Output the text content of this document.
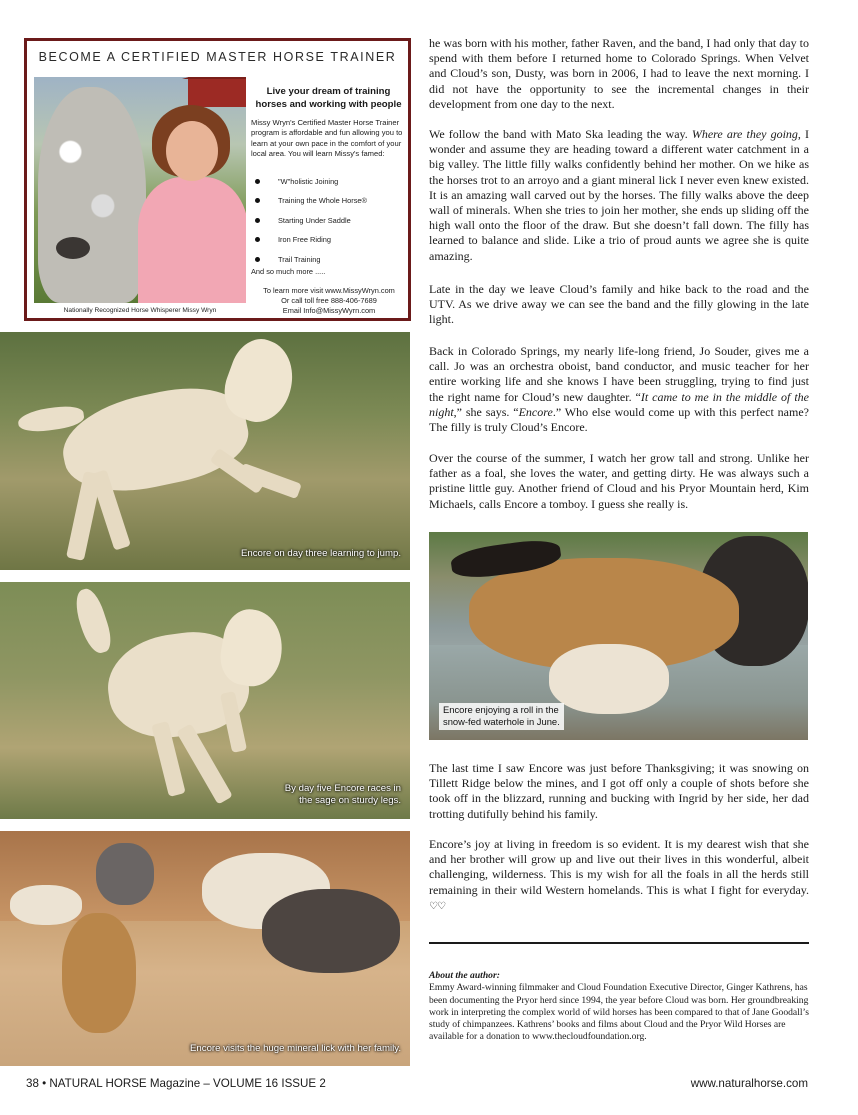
BECOME A CERTIFIED MASTER HORSE TRAINER
Nationally Recognized Horse Whisperer Missy Wryn
Live your dream of training horses and working with people
Missy Wryn's Certified Master Horse Trainer program is affordable and fun allowing you to learn at your own pace in the comfort of your local area. You will learn Missy's famed:
"W"holistic Joining
Training the Whole Horse®
Starting Under Saddle
Iron Free Riding
Trail Training
And so much more .....
To learn more visit www.MissyWryn.com
Or call toll free 888-406-7689
Email Info@MissyWyrn.com
Encore on day three learning to jump.
By day five Encore races in
the sage on sturdy legs.
Encore visits the huge mineral lick with her family.
Encore enjoying a roll in the
snow-fed waterhole in June.

he was born with his mother, father Raven, and the band, I had only that day to spend with them before I returned home to Colorado Springs. When Velvet and Cloud’s son, Dusty, was born in 2006, I had to leave the next morning. I did not have the opportunity to see the incremental changes in their development from one day to the next.

We follow the band with Mato Ska leading the way. Where are they going, I wonder and assume they are heading toward a different water catchment in a big valley. The little filly walks confidently behind her mother. On we hike as the horses trot to an arroyo and a giant mineral lick I never even knew existed. It is an amazing wall carved out by the horses. The filly walks above the deep wall of minerals. When she tries to join her mother, she ends up sliding off the high wall onto the floor of the draw. But she doesn’t fall down. The filly has learned to balance and slide. Like a trio of proud aunts we agree she is quite amazing.

Late in the day we leave Cloud’s family and hike back to the road and the UTV. As we drive away we can see the band and the filly glowing in the late light.

Back in Colorado Springs, my nearly life-long friend, Jo Souder, gives me a call. Jo was an orchestra oboist, band conductor, and music teacher for her entire working life and she knows I have been struggling, trying to find just the right name for Cloud’s new daughter. “It came to me in the middle of the night,” she says. “Encore.” Who else would come up with this perfect name? The filly is truly Cloud’s Encore.

Over the course of the summer, I watch her grow tall and strong. Unlike her father as a foal, she loves the water, and getting dirty. He was always such a pristine little guy. Another friend of Cloud and his Pryor Mountain herd, Kim Michaels, calls Encore a tomboy. I guess she really is.

The last time I saw Encore was just before Thanksgiving; it was snowing on Tillett Ridge below the mines, and I got off only a couple of shots before she took off in the blizzard, running and bucking with Ingrid by her side, her dad trotting dutifully behind his family.

Encore’s joy at living in freedom is so evident. It is my dearest wish that she and her brother will grow up and live out their lives in this wonderful, albeit challenging, wilderness. This is my wish for all the foals in all the herds still remaining in their wild Western homelands. This is what I fight for everyday. ♡♡

About the author:
Emmy Award-winning filmmaker and Cloud Foundation Executive Director, Ginger Kathrens, has been documenting the Pryor herd since 1994, the year before Cloud was born. Her groundbreaking work in interpreting the complex world of wild horses has been compared to that of Jane Goodall’s study of chimpanzees. Kathrens’ books and films about Cloud and the Pryor Wild Horses are available for a donation to www.thecloudfoundation.org.
38 • NATURAL HORSE Magazine – VOLUME 16 ISSUE 2	www.naturalhorse.com
